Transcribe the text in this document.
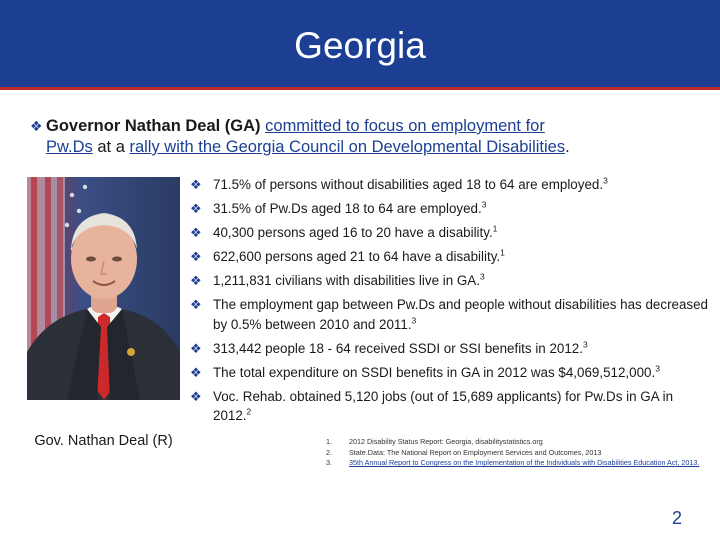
Georgia
❖ Governor Nathan Deal (GA) committed to focus on employment for
Pw.Ds at a rally with the Georgia Council on Developmental Disabilities.
Gov. Nathan Deal (R)
❖ 71.5% of persons without disabilities aged 18 to 64 are employed.$^3$
❖ 31.5% of Pw.Ds aged 18 to 64 are employed.$^3$
❖ 40,300 persons aged 16 to 20 have a disability.$^1$
❖ 622,600 persons aged 21 to 64 have a disability.$^1$
❖ 1,211,831 civilians with disabilities live in GA.$^3$
❖ The employment gap between Pw.Ds and people without disabilities has decreased by 0.5% between 2010 and 2011.$^3$
❖ 313,442 people 18 - 64 received SSDI or SSI benefits in 2012.$^3$
❖ The total expenditure on SSDI benefits in GA in 2012 was $4,069,512,000.$^3$
❖ Voc. Rehab. obtained 5,120 jobs (out of 15,689 applicants) for Pw.Ds in GA in 2012.$^2$
1. 2012 Disability Status Report: Georgia, disabilitystatistics.org
2. State.Data: The National Report on Employment Services and Outcomes, 2013
3. 35th Annual Report to Congress on the Implementation of the Individuals with Disabilities Education Act, 2013.
2
